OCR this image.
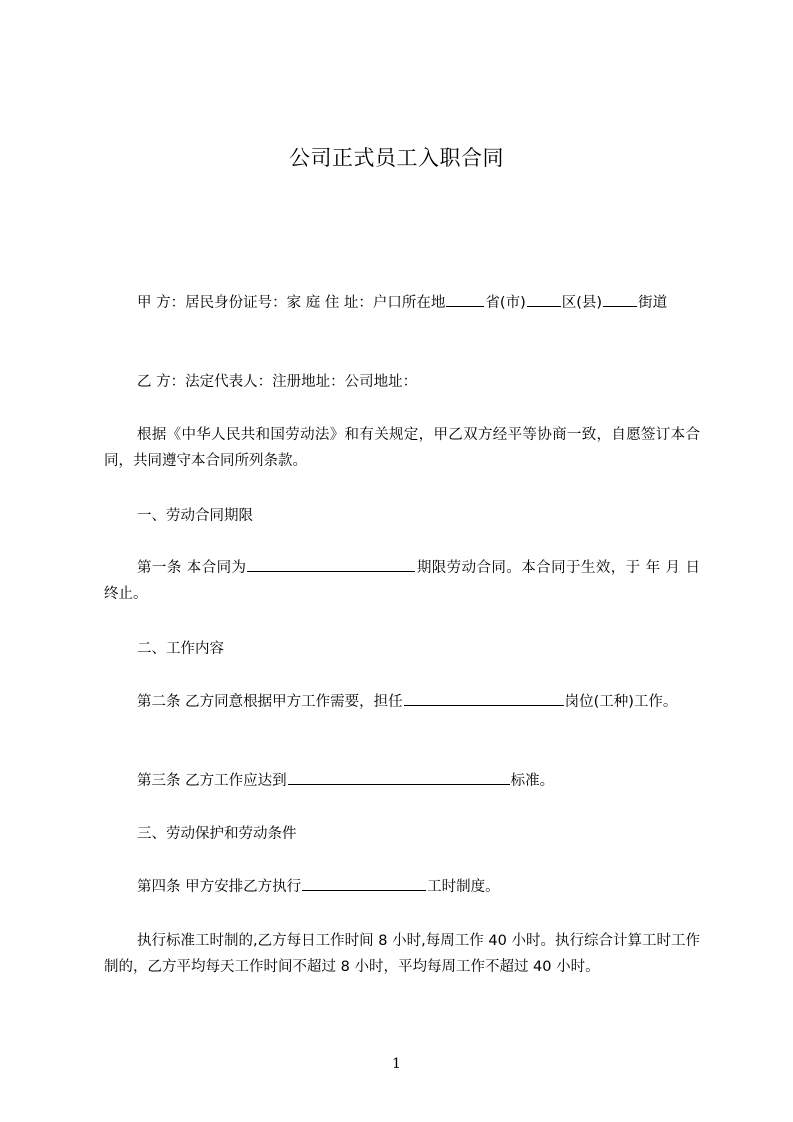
公司正式员工入职合同
甲 方：居民身份证号：家 庭 住 址：户口所在地	省(市) 区(县) 街道
乙 方：法定代表人：注册地址：公司地址：
根据《中华人民共和国劳动法》和有关规定，甲乙双方经平等协商一致，自愿签订本合同，共同遵守本合同所列条款。
一、劳动合同期限
第一条 本合同为	期限劳动合同。本合同于生效，于 年 月 日终止。
二、工作内容
第二条 乙方同意根据甲方工作需要，担任	岗位(工种)工作。
第三条 乙方工作应达到	标准。
三、劳动保护和劳动条件
第四条 甲方安排乙方执行	工时制度。
执行标准工时制的,乙方每日工作时间 8 小时,每周工作 40 小时。执行综合计算工时工作制的，乙方平均每天工作时间不超过 8 小时，平均每周工作不超过 40 小时。
1
